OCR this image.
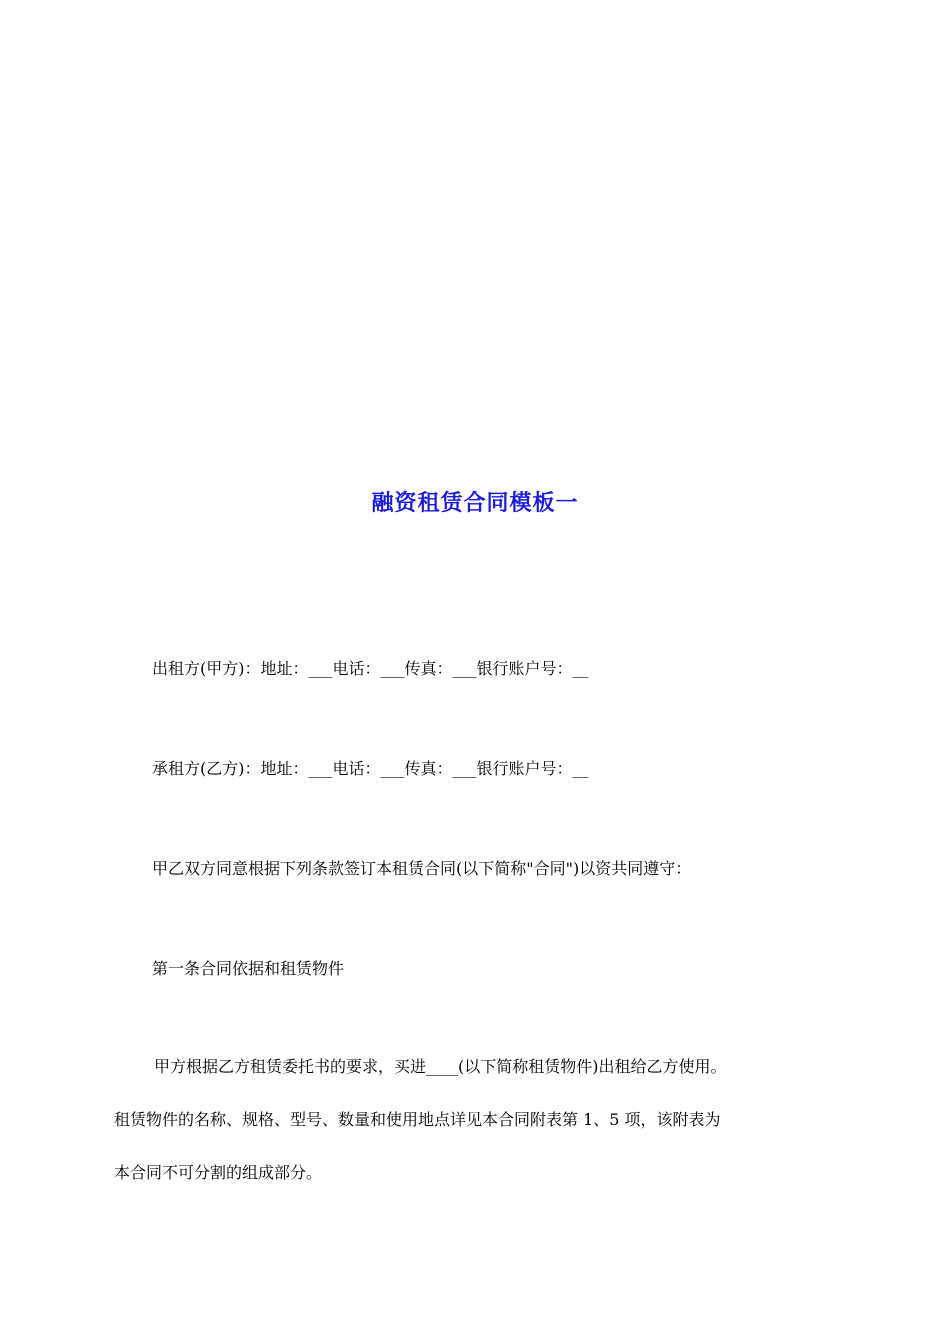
融资租赁合同模板一

出租方(甲方)：地址：___电话：___传真：___银行账户号：__

承租方(乙方)：地址：___电话：___传真：___银行账户号：__

甲乙双方同意根据下列条款签订本租赁合同(以下简称"合同")以资共同遵守：

第一条合同依据和租赁物件

甲方根据乙方租赁委托书的要求，买进____(以下简称租赁物件)出租给乙方使用。
租赁物件的名称、规格、型号、数量和使用地点详见本合同附表第 1、5 项，该附表为
本合同不可分割的组成部分。
